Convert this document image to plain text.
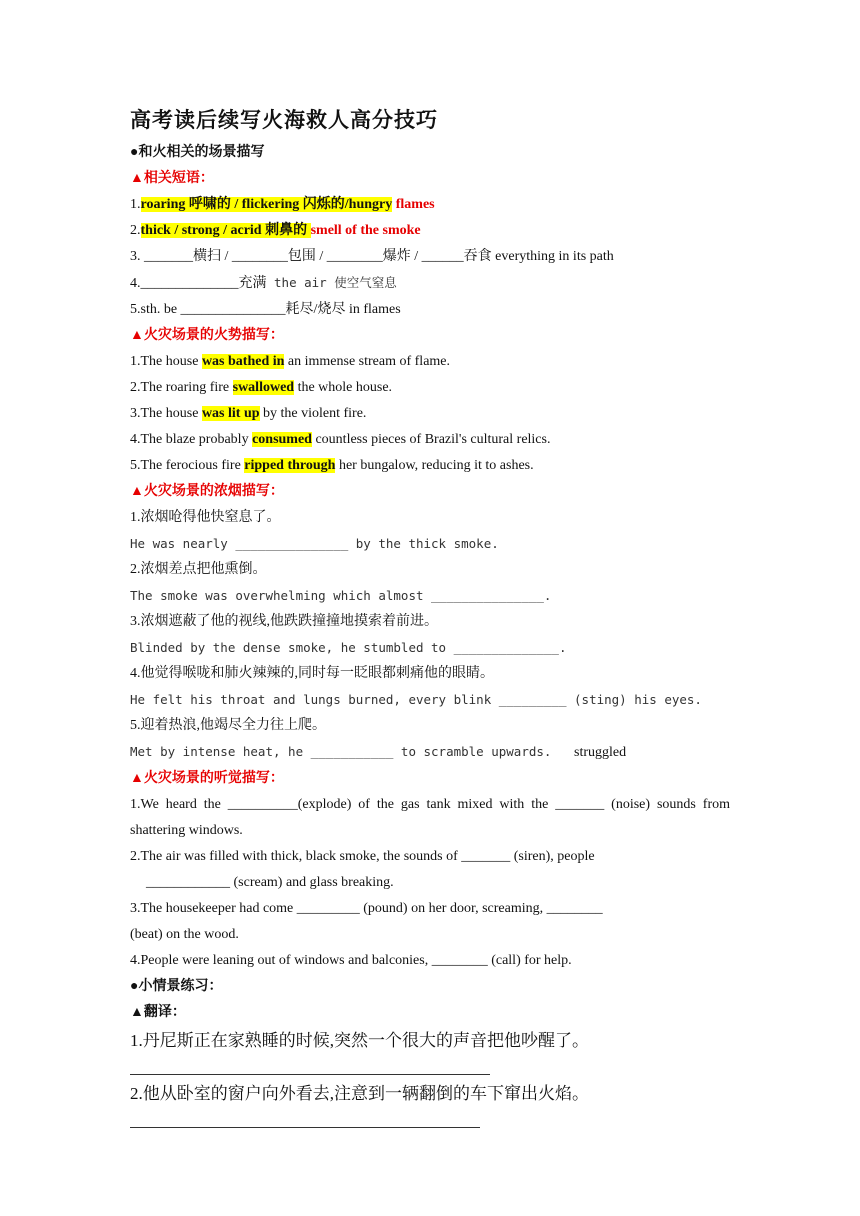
高考读后续写火海救人高分技巧
●和火相关的场景描写
▲相关短语：
1.roaring 呼啸的 / flickering 闪烁的/hungry flames
2.thick / strong / acrid 刺鼻的 smell of the smoke
3. _______横扫 / ________包围 / ________爆炸 / ______吞食 everything in its path
4.______________充满 the air 使空气窒息
5.sth. be _______________耗尽/烧尽 in flames
▲火灾场景的火势描写：
1.The house was bathed in an immense stream of flame.
2.The roaring fire swallowed the whole house.
3.The house was lit up by the violent fire.
4.The blaze probably consumed countless pieces of Brazil's cultural relics.
5.The ferocious fire ripped through her bungalow, reducing it to ashes.
▲火灾场景的浓烟描写：
1.浓烟呛得他快窒息了。
He was nearly _______________ by the thick smoke.
2.浓烟差点把他熏倒。
The smoke was overwhelming which almost _______________.
3.浓烟遮蔽了他的视线,他跌跌撞撞地摸索着前进。
Blinded by the dense smoke, he stumbled to ______________.
4.他觉得喉咙和肺火辣辣的,同时每一眨眼都刺痛他的眼睛。
He felt his throat and lungs burned, every blink _________ (sting) his eyes.
5.迎着热浪,他竭尽全力往上爬。
Met by intense heat, he ___________ to scramble upwards. struggled
▲火灾场景的听觉描写：
1.We heard the __________(explode) of the gas tank mixed with the _______ (noise) sounds from shattering windows.
2.The air was filled with thick, black smoke, the sounds of _______ (siren), people
____________ (scream) and glass breaking.
3.The housekeeper had come _________ (pound) on her door, screaming, ________
(beat) on the wood.
4.People were leaning out of windows and balconies, ________ (call) for help.
●小情景练习：
▲翻译：
1.丹尼斯正在家熟睡的时候,突然一个很大的声音把他吵醒了。
2.他从卧室的窗户向外看去,注意到一辆翻倒的车下窜出火焰。
